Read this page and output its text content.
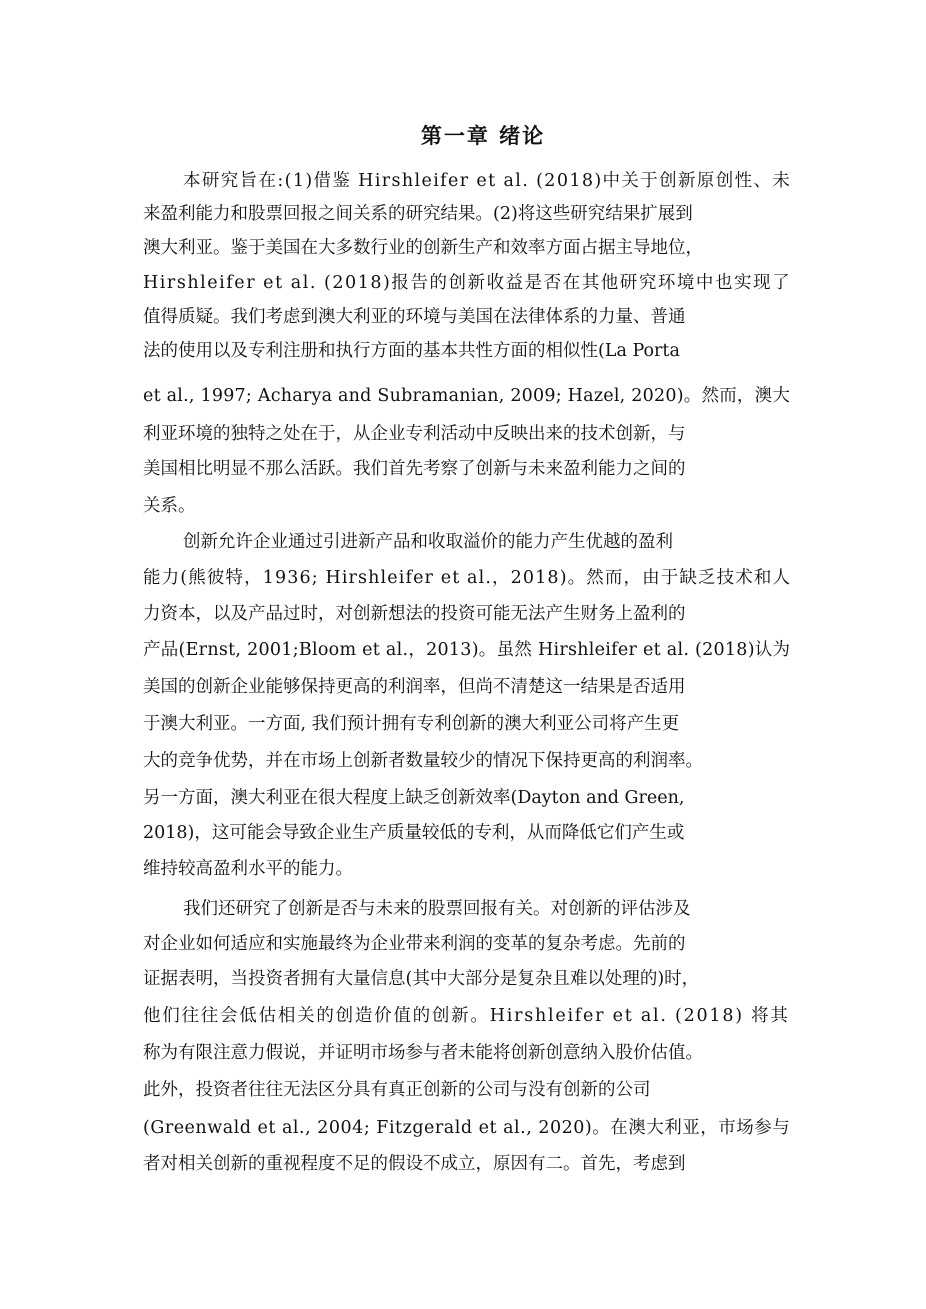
第一章 绪论
本研究旨在:(1)借鉴 Hirshleifer et al. (2018)中关于创新原创性、未
来盈利能力和股票回报之间关系的研究结果。(2)将这些研究结果扩展到
澳大利亚。鉴于美国在大多数行业的创新生产和效率方面占据主导地位，
Hirshleifer et al. (2018)报告的创新收益是否在其他研究环境中也实现了
值得质疑。我们考虑到澳大利亚的环境与美国在法律体系的力量、普通
法的使用以及专利注册和执行方面的基本共性方面的相似性(La Porta
et al., 1997; Acharya and Subramanian, 2009; Hazel, 2020)。然而，澳大
利亚环境的独特之处在于，从企业专利活动中反映出来的技术创新，与
美国相比明显不那么活跃。我们首先考察了创新与未来盈利能力之间的
关系。
创新允许企业通过引进新产品和收取溢价的能力产生优越的盈利
能力(熊彼特，1936; Hirshleifer et al.，2018)。然而，由于缺乏技术和人
力资本，以及产品过时，对创新想法的投资可能无法产生财务上盈利的
产品(Ernst, 2001;Bloom et al.，2013)。虽然 Hirshleifer et al. (2018)认为
美国的创新企业能够保持更高的利润率，但尚不清楚这一结果是否适用
于澳大利亚。一方面, 我们预计拥有专利创新的澳大利亚公司将产生更
大的竞争优势，并在市场上创新者数量较少的情况下保持更高的利润率。
另一方面，澳大利亚在很大程度上缺乏创新效率(Dayton and Green,
2018)，这可能会导致企业生产质量较低的专利，从而降低它们产生或
维持较高盈利水平的能力。
我们还研究了创新是否与未来的股票回报有关。对创新的评估涉及
对企业如何适应和实施最终为企业带来利润的变革的复杂考虑。先前的
证据表明，当投资者拥有大量信息(其中大部分是复杂且难以处理的)时，
他们往往会低估相关的创造价值的创新。Hirshleifer et al. (2018) 将其
称为有限注意力假说，并证明市场参与者未能将创新创意纳入股价估值。
此外，投资者往往无法区分具有真正创新的公司与没有创新的公司
(Greenwald et al., 2004; Fitzgerald et al., 2020)。在澳大利亚，市场参与
者对相关创新的重视程度不足的假设不成立，原因有二。首先，考虑到
